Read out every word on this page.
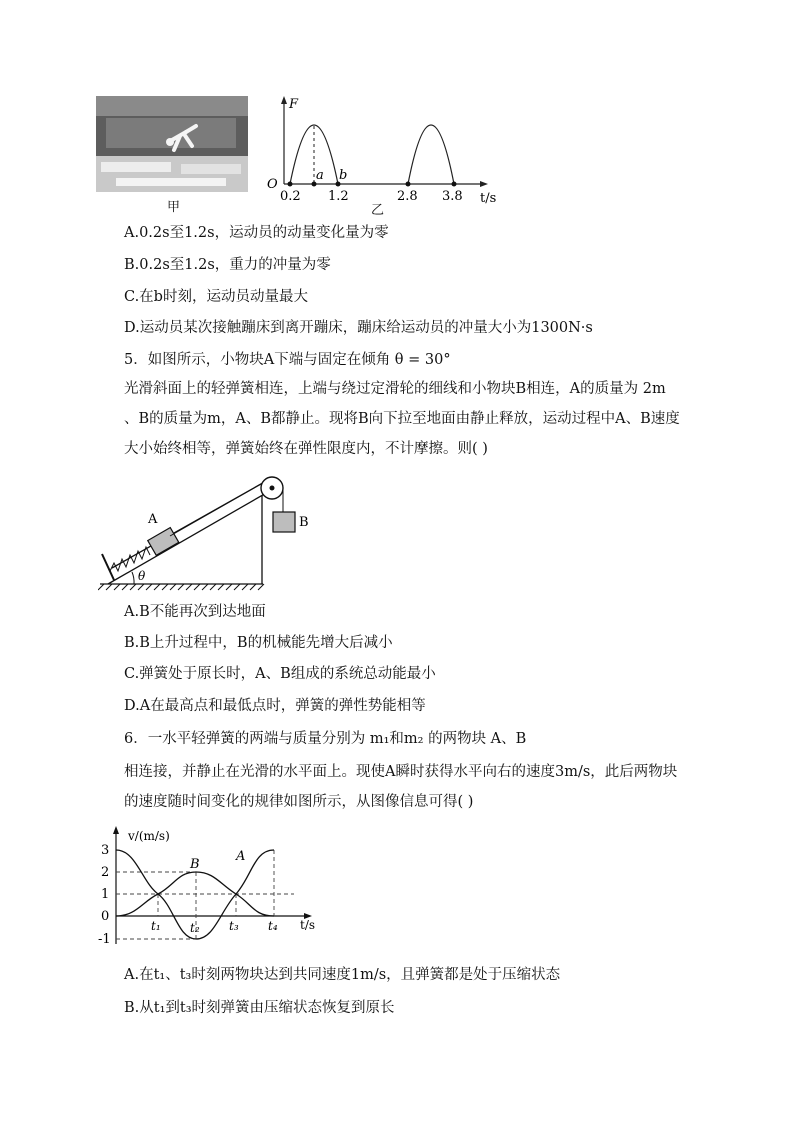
甲
F
O
t/s
a b
0.2 1.2	2.8 3.8
乙
A.0.2s至1.2s，运动员的动量变化量为零
B.0.2s至1.2s，重力的冲量为零
C.在b时刻，运动员动量最大
D.运动员某次接触蹦床到离开蹦床，蹦床给运动员的冲量大小为1300N·s
5．如图所示，小物块A下端与固定在倾角 θ = 30°
光滑斜面上的轻弹簧相连，上端与绕过定滑轮的细线和小物块B相连，A的质量为 2m
、B的质量为m，A、B都静止。现将B向下拉至地面由静止释放，运动过程中A、B速度
大小始终相等，弹簧始终在弹性限度内，不计摩擦。则( )
A	B
θ
A.B不能再次到达地面
B.B上升过程中，B的机械能先增大后减小
C.弹簧处于原长时，A、B组成的系统总动能最小
D.A在最高点和最低点时，弹簧的弹性势能相等
6．一水平轻弹簧的两端与质量分别为 m₁和m₂ 的两物块 A、B
相连接，并静止在光滑的水平面上。现使A瞬时获得水平向右的速度3m/s，此后两物块
的速度随时间变化的规律如图所示，从图像信息可得( )
v/(m/s)
t/s
3
2
1
0
-1
t₁ t₂ t₃ t₄
B
A
A.在t₁、t₃时刻两物块达到共同速度1m/s，且弹簧都是处于压缩状态
B.从t₁到t₃时刻弹簧由压缩状态恢复到原长
